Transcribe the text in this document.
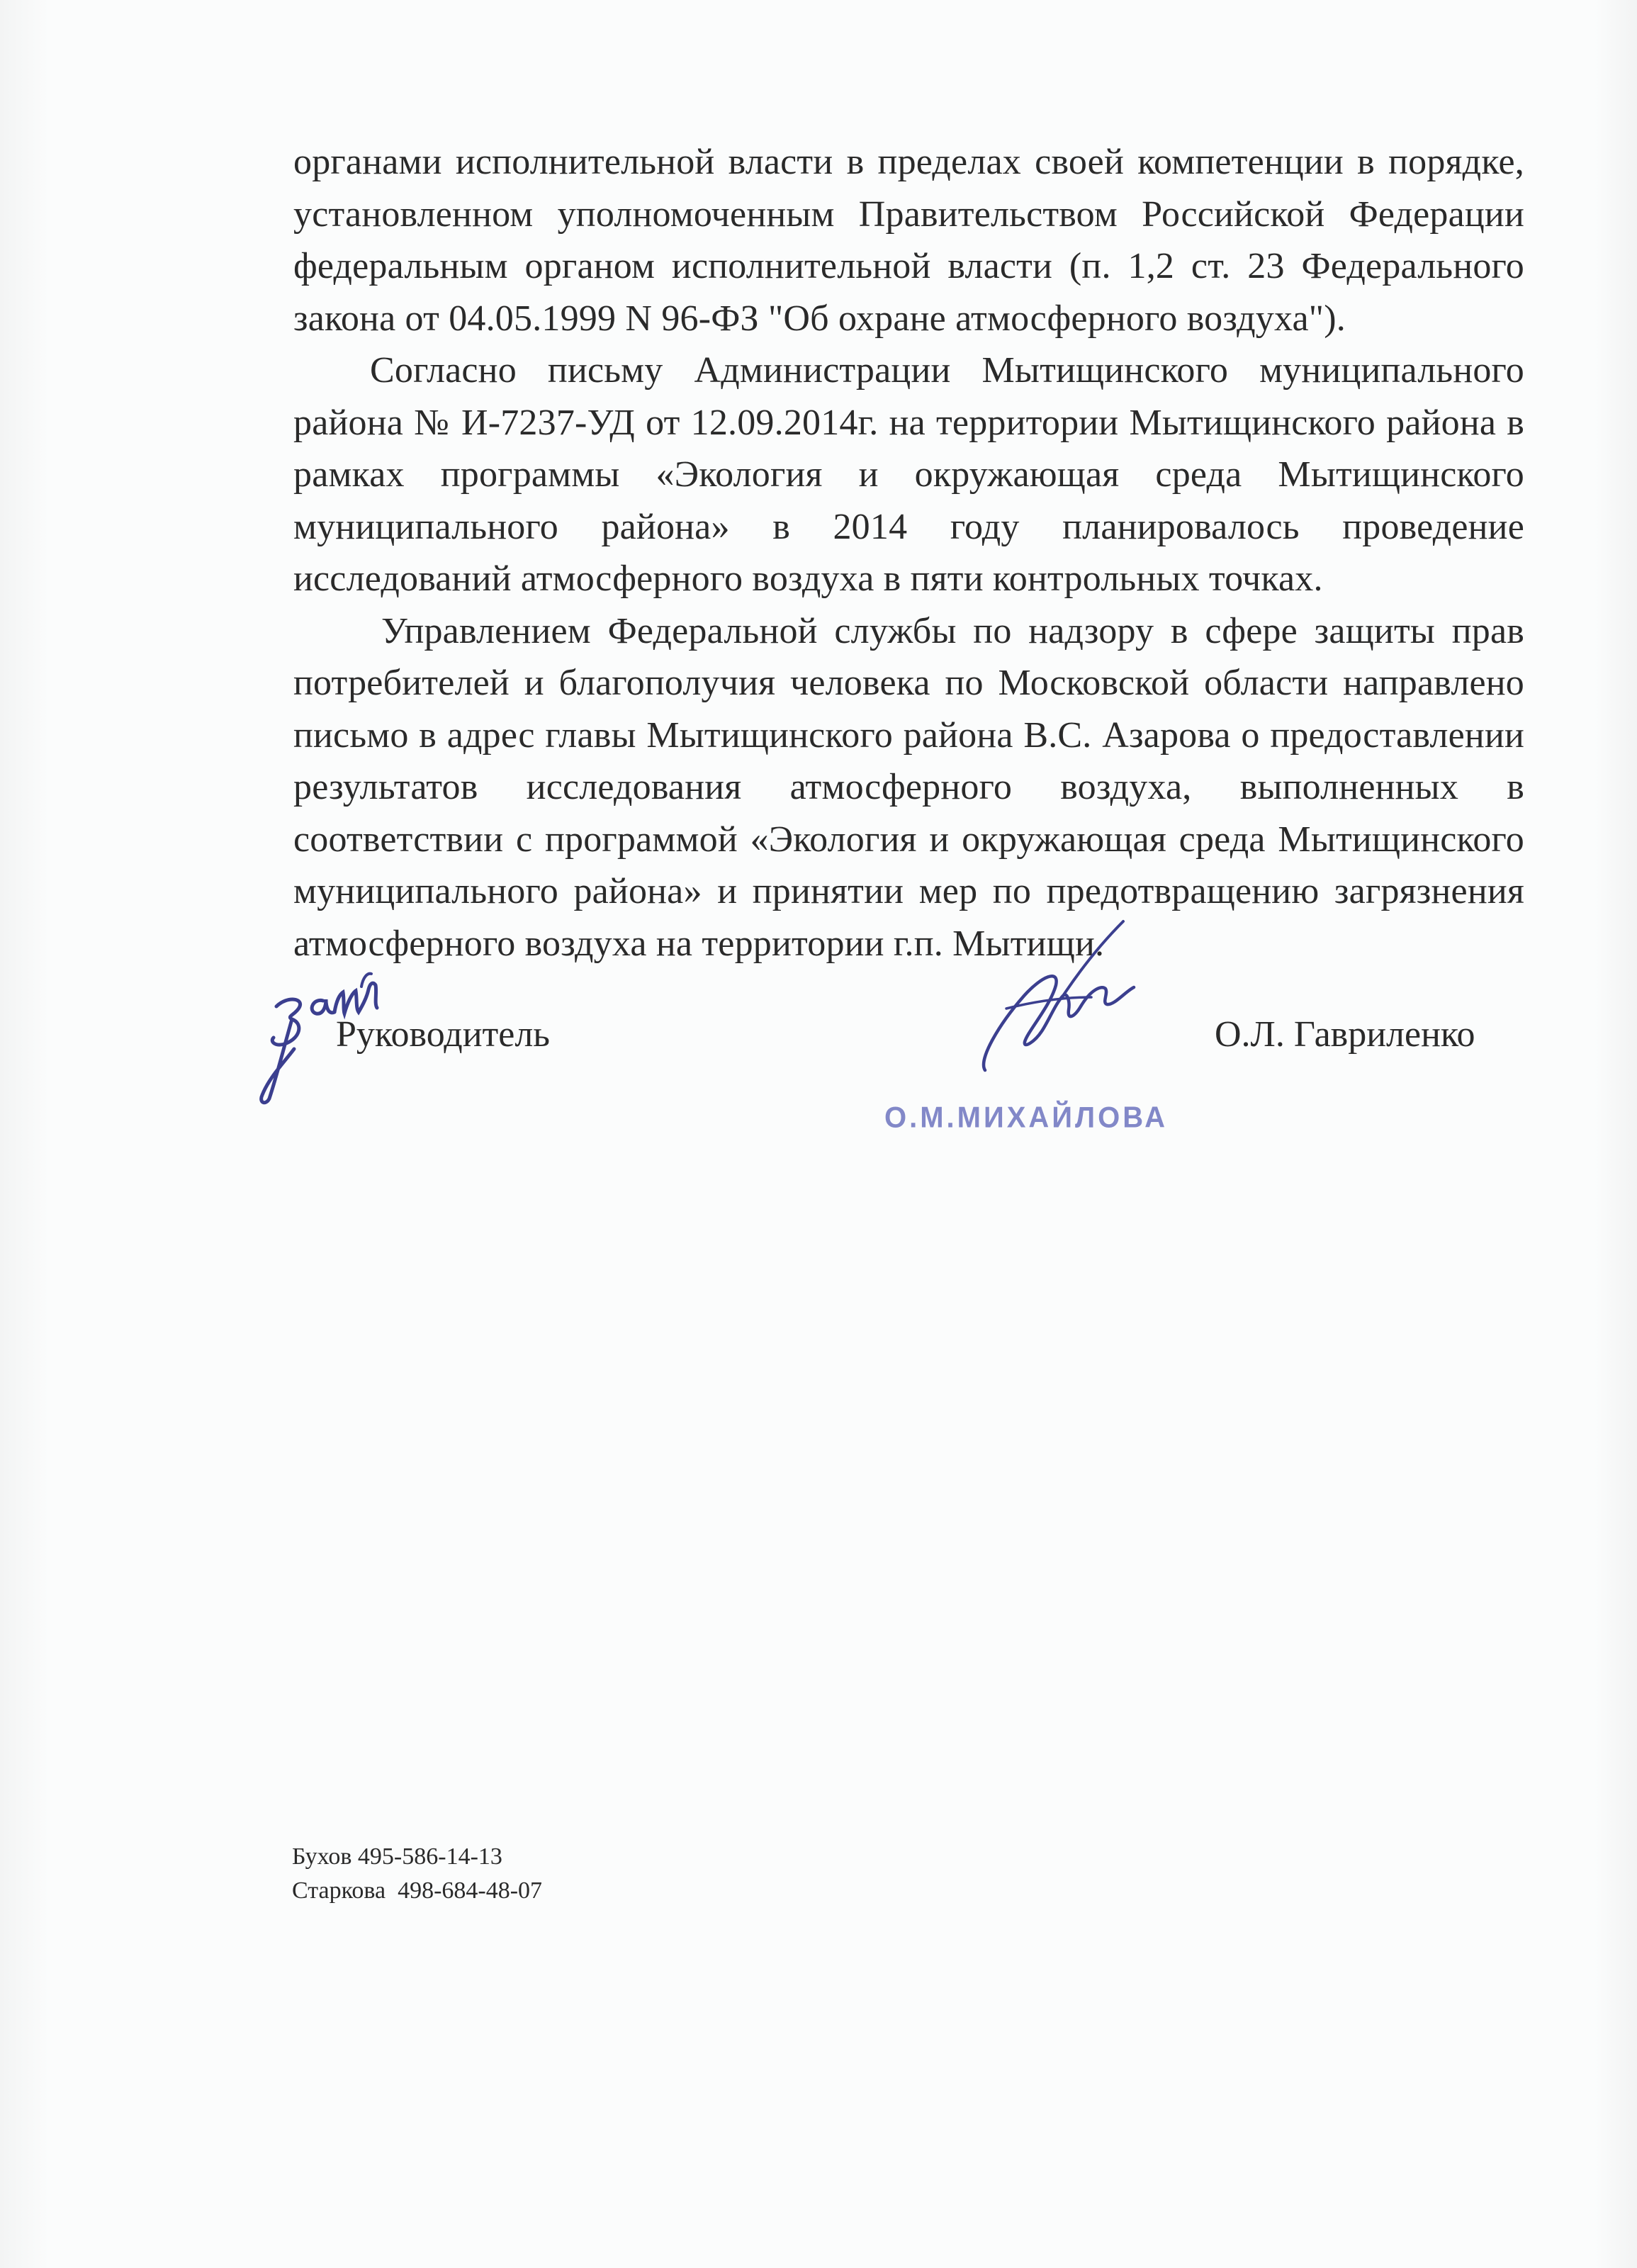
органами исполнительной власти в пределах своей компетенции в порядке, установленном уполномоченным Правительством Российской Федерации федеральным органом исполнительной власти (п. 1,2 ст. 23 Федерального закона от 04.05.1999 N 96-ФЗ "Об охране атмосферного воздуха").

Согласно письму Администрации Мытищинского муниципального района № И-7237-УД от 12.09.2014г. на территории Мытищинского района в рамках программы «Экология и окружающая среда Мытищинского муниципального района» в 2014 году планировалось проведение исследований атмосферного воздуха в пяти контрольных точках.

Управлением Федеральной службы по надзору в сфере защиты прав потребителей и благополучия человека по Московской области направлено письмо в адрес главы Мытищинского района В.С. Азарова о предоставлении результатов исследования атмосферного воздуха, выполненных в соответствии с программой «Экология и окружающая среда Мытищинского муниципального района» и принятии мер по предотвращению загрязнения атмосферного воздуха на территории г.п. Мытищи.

Руководитель	О.Л. Гавриленко
О.М.МИХАЙЛОВА
Бухов 495-586-14-13
Старкова  498-684-48-07
